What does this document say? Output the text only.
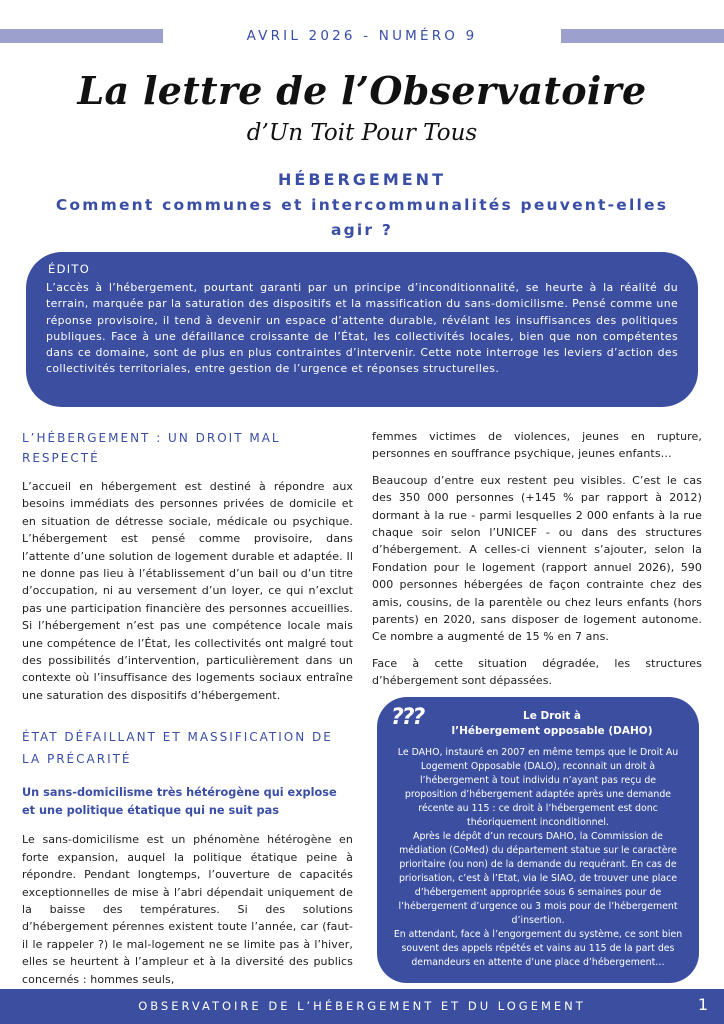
AVRIL 2026 - NUMÉRO 9
La lettre de l’Observatoire
d’Un Toit Pour Tous
HÉBERGEMENT
Comment communes et intercommunalités peuvent-elles agir ?
ÉDITO

L’accès à l’hébergement, pourtant garanti par un principe d’inconditionnalité, se heurte à la réalité du terrain, marquée par la saturation des dispositifs et la massification du sans-domicilisme. Pensé comme une réponse provisoire, il tend à devenir un espace d’attente durable, révélant les insuffisances des politiques publiques. Face à une défaillance croissante de l’État, les collectivités locales, bien que non compétentes dans ce domaine, sont de plus en plus contraintes d’intervenir. Cette note interroge les leviers d’action des collectivités territoriales, entre gestion de l’urgence et réponses structurelles.

L’HÉBERGEMENT : UN DROIT MAL RESPECTÉ

L’accueil en hébergement est destiné à répondre aux besoins immédiats des personnes privées de domicile et en situation de détresse sociale, médicale ou psychique. L’hébergement est pensé comme provisoire, dans l’attente d’une solution de logement durable et adaptée. Il ne donne pas lieu à l’établissement d’un bail ou d’un titre d’occupation, ni au versement d’un loyer, ce qui n’exclut pas une participation financière des personnes accueillies. Si l’hébergement n’est pas une compétence locale mais une compétence de l’État, les collectivités ont malgré tout des possibilités d’intervention, particulièrement dans un contexte où l’insuffisance des logements sociaux entraîne une saturation des dispositifs d’hébergement.

ÉTAT DÉFAILLANT ET MASSIFICATION DE LA PRÉCARITÉ

Un sans-domicilisme très hétérogène qui explose et une politique étatique qui ne suit pas

Le sans-domicilisme est un phénomène hétérogène en forte expansion, auquel la politique étatique peine à répondre. Pendant longtemps, l’ouverture de capacités exceptionnelles de mise à l’abri dépendait uniquement de la baisse des températures. Si des solutions d’hébergement pérennes existent toute l’année, car (faut-il le rappeler ?) le mal-logement ne se limite pas à l’hiver, elles se heurtent à l’ampleur et à la diversité des publics concernés : hommes seuls,

femmes victimes de violences, jeunes en rupture, personnes en souffrance psychique, jeunes enfants…

Beaucoup d’entre eux restent peu visibles. C’est le cas des 350 000 personnes (+145 % par rapport à 2012) dormant à la rue - parmi lesquelles 2 000 enfants à la rue chaque soir selon l’UNICEF - ou dans des structures d’hébergement. A celles-ci viennent s’ajouter, selon la Fondation pour le logement (rapport annuel 2026), 590 000 personnes hébergées de façon contrainte chez des amis, cousins, de la parentèle ou chez leurs enfants (hors parents) en 2020, sans disposer de logement autonome. Ce nombre a augmenté de 15 % en 7 ans.

Face à cette situation dégradée, les structures d’hébergement sont dépassées.

???	Le Droit à
l’Hébergement opposable (DAHO)

Le DAHO, instauré en 2007 en même temps que le Droit Au Logement Opposable (DALO), reconnait un droit à l’hébergement à tout individu n’ayant pas reçu de proposition d’hébergement adaptée après une demande récente au 115 : ce droit à l’hébergement est donc théoriquement inconditionnel.
Après le dépôt d’un recours DAHO, la Commission de médiation (CoMed) du département statue sur le caractère prioritaire (ou non) de la demande du requérant. En cas de priorisation, c’est à l’Etat, via le SIAO, de trouver une place d’hébergement appropriée sous 6 semaines pour de l’hébergement d’urgence ou 3 mois pour de l’hébergement d’insertion.
En attendant, face à l’engorgement du système, ce sont bien souvent des appels répétés et vains au 115 de la part des demandeurs en attente d’une place d’hébergement…

OBSERVATOIRE DE L’HÉBERGEMENT ET DU LOGEMENT	1
